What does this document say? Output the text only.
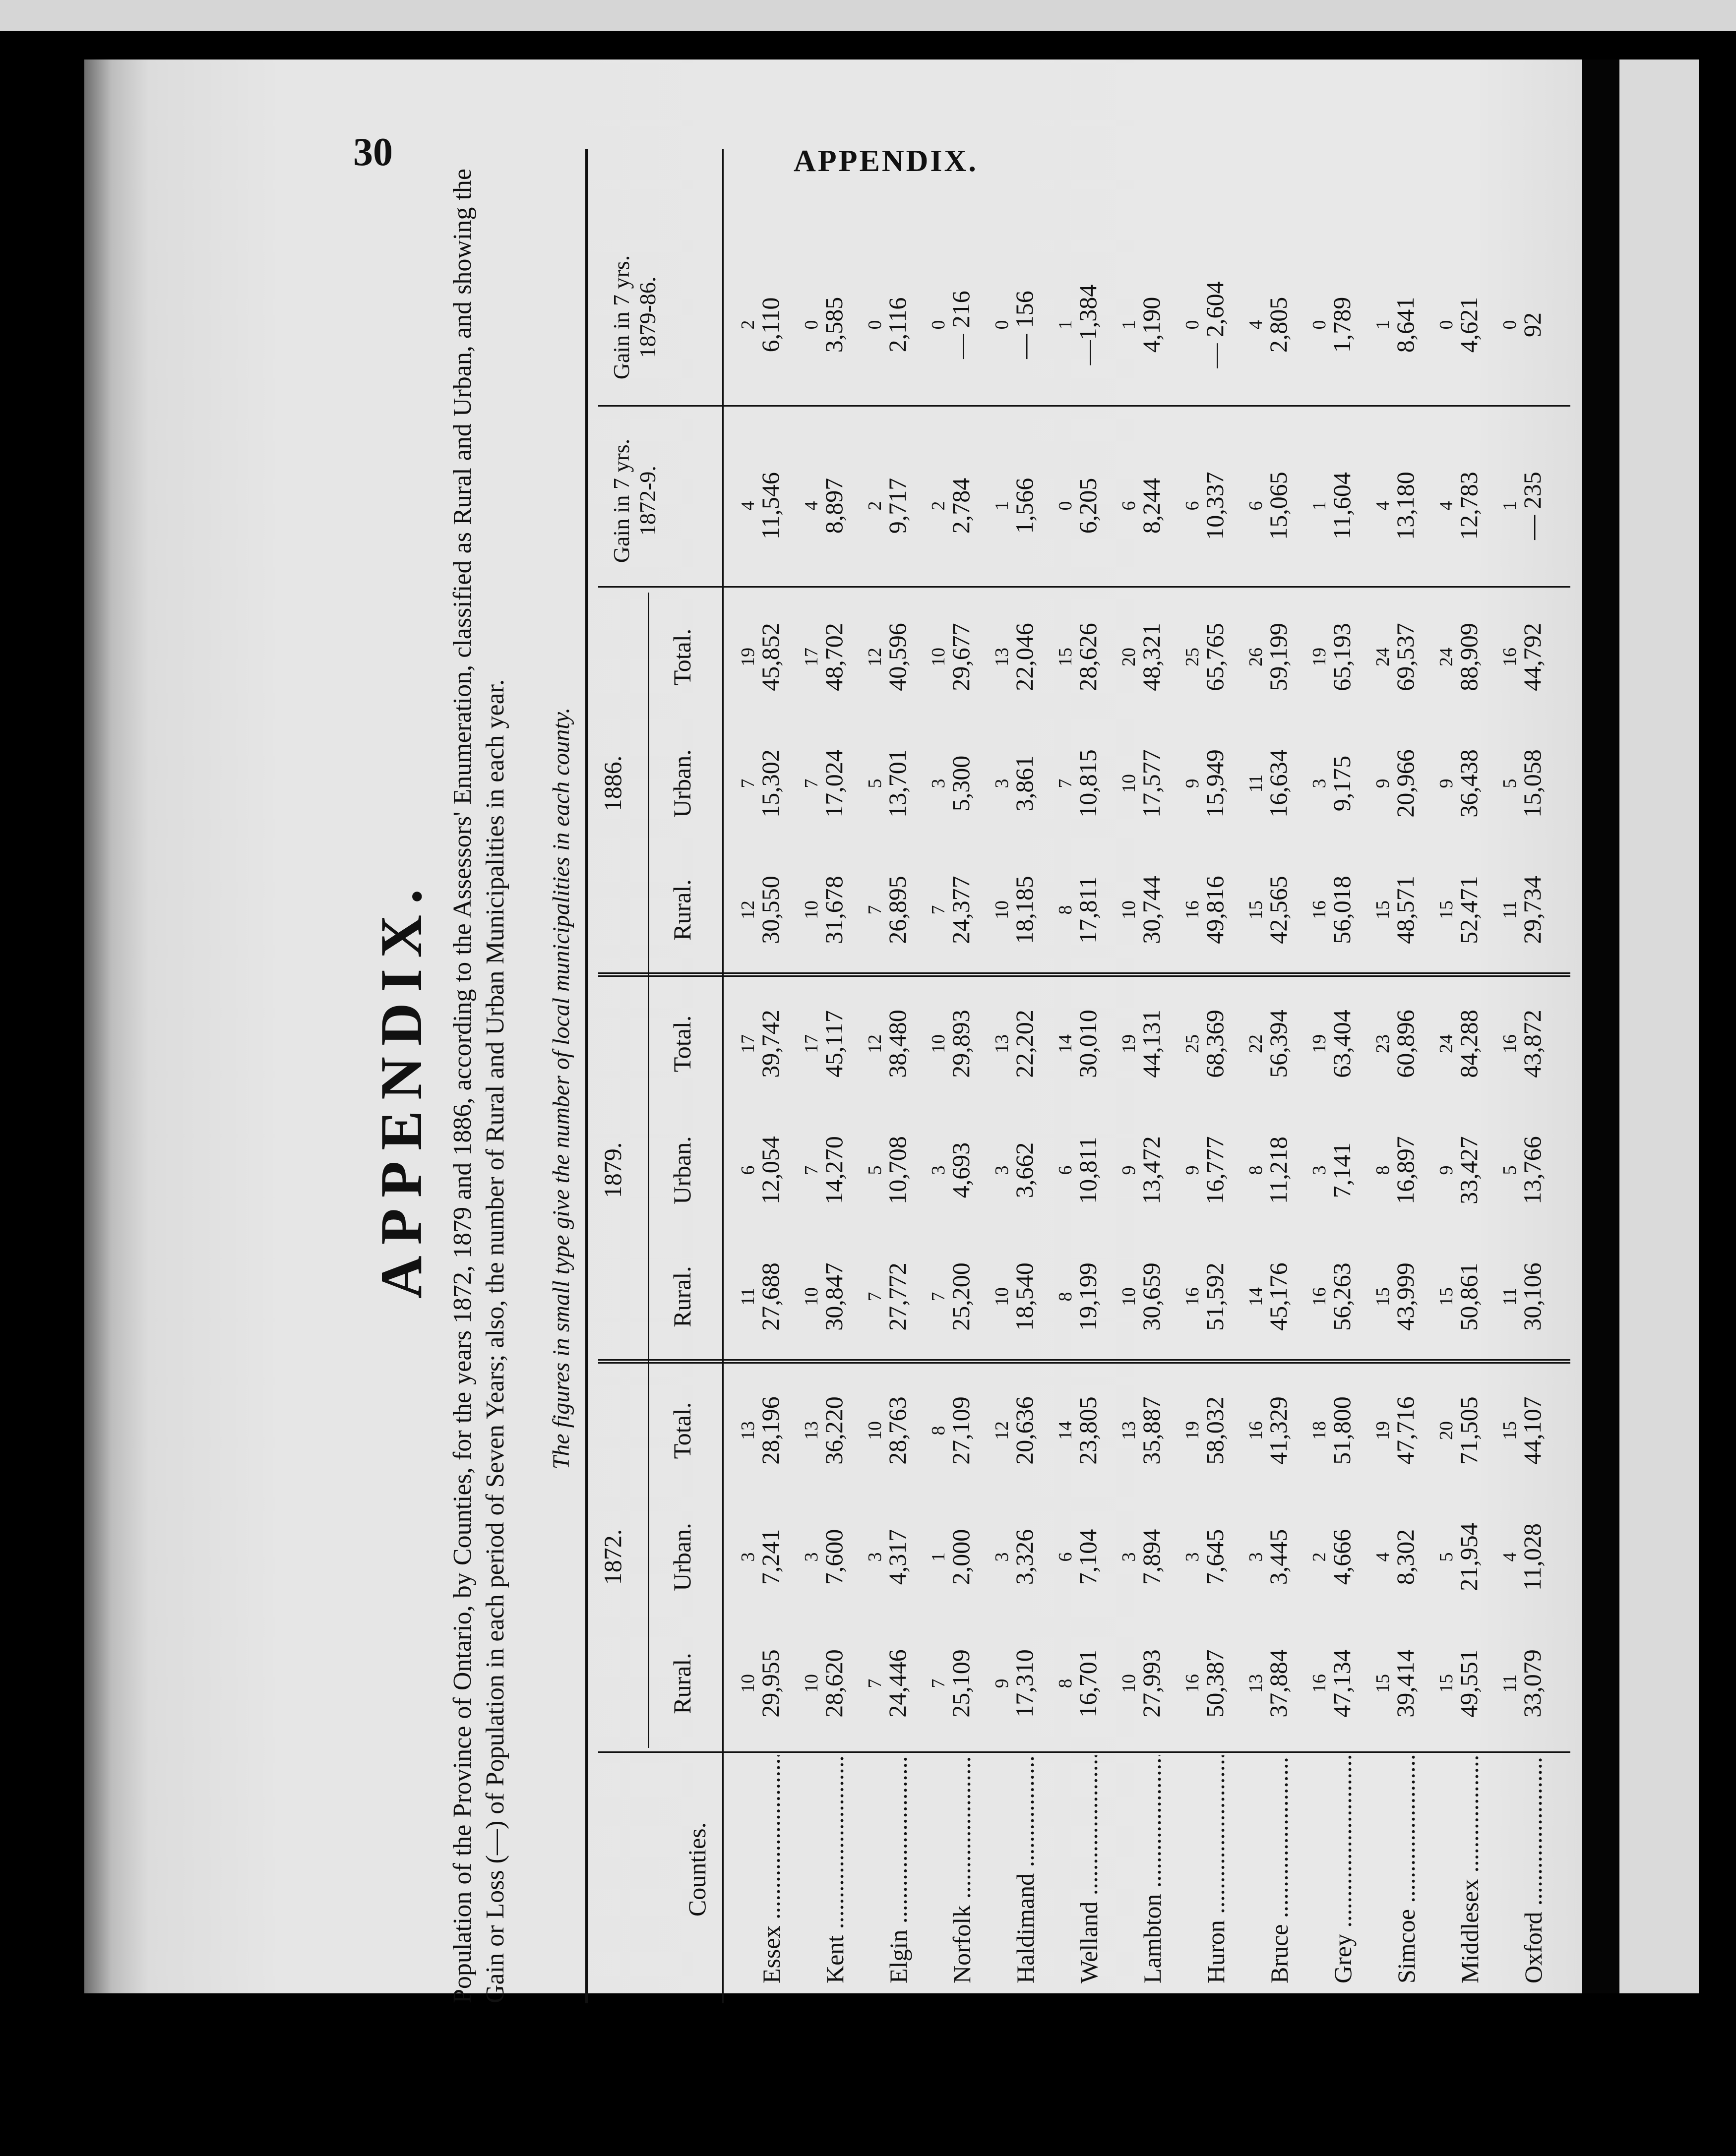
30	APPENDIX.
APPENDIX. Population of the Province of Ontario, by Counties, for the years 1872, 1879 and 1886, according to the Assessors' Enumeration, classified as Rural and Urban, and showing the Gain or Loss (—) of Population in each period of Seven Years; also, the number of Rural and Urban Municipalities in each year. The figures in small type give the number of local municipalities in each county.
Counties.
1872.
1879.
1886.
Gain in 7 yrs. 1872-9.
Gain in 7 yrs. 1879-86.
Rural.
Urban.
Total.
Rural.
Urban.
Total.
Rural.
Urban.
Total.
Essex .....
10
29,955
3
7,241
13
28,196
11
27,688
6
12,054
17
39,742
12
30,550
7
15,302
19
45,852
4
11,546
2
6,110
Kent .....
10
28,620
3
7,600
13
36,220
10
30,847
7
14,270
17
45,117
10
31,678
7
17,024
17
48,702
4
8,897
0
3,585
Elgin .....
7
24,446
3
4,317
10
28,763
7
27,772
5
10,708
12
38,480
7
26,895
5
13,701
12
40,596
2
9,717
0
2,116
Norfolk .....
7
25,109
1
2,000
8
27,109
7
25,200
3
4,693
10
29,893
7
24,377
3
5,300
10
29,677
2
2,784
0
— 216
Haldimand .....
9
17,310
3
3,326
12
20,636
10
18,540
3
3,662
13
22,202
10
18,185
3
3,861
13
22,046
1
1,566
0
— 156
Welland .....
8
16,701
6
7,104
14
23,805
8
19,199
6
10,811
14
30,010
8
17,811
7
10,815
15
28,626
0
6,205
1
—1,384
Lambton .....
10
27,993
3
7,894
13
35,887
10
30,659
9
13,472
19
44,131
10
30,744
10
17,577
20
48,321
6
8,244
1
4,190
Huron .....
16
50,387
3
7,645
19
58,032
16
51,592
9
16,777
25
68,369
16
49,816
9
15,949
25
65,765
6
10,337
0
— 2,604
Bruce .....
13
37,884
3
3,445
16
41,329
14
45,176
8
11,218
22
56,394
15
42,565
11
16,634
26
59,199
6
15,065
4
2,805
Grey .....
16
47,134
2
4,666
18
51,800
16
56,263
3
7,141
19
63,404
16
56,018
3
9,175
19
65,193
1
11,604
0
1,789
Simcoe .....
15
39,414
4
8,302
19
47,716
15
43,999
8
16,897
23
60,896
15
48,571
9
20,966
24
69,537
4
13,180
1
8,641
Middlesex .....
15
49,551
5
21,954
20
71,505
15
50,861
9
33,427
24
84,288
15
52,471
9
36,438
24
88,909
4
12,783
0
4,621
Oxford .....
11
33,079
4
11,028
15
44,107
11
30,106
5
13,766
16
43,872
11
29,734
5
15,058
16
44,792
1
— 235
0
92
